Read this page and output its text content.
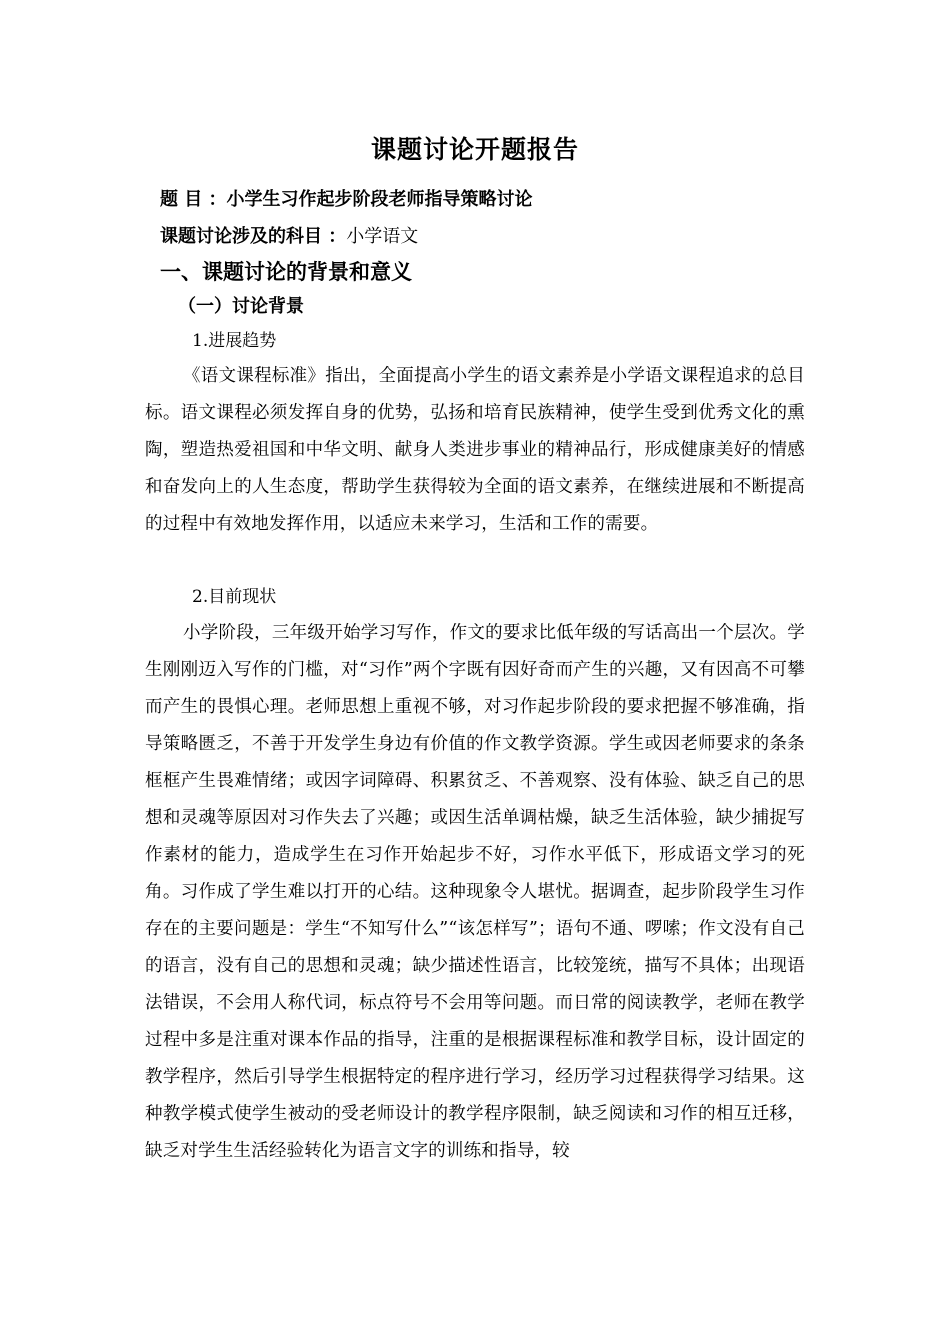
课题讨论开题报告
题 目 ：小学生习作起步阶段老师指导策略讨论
课题讨论涉及的科目 ：小学语文
一、课题讨论的背景和意义
（一）讨论背景
1.进展趋势
《语文课程标准》指出，全面提高小学生的语文素养是小学语文课程追求的总目标。语文课程必须发挥自身的优势，弘扬和培育民族精神，使学生受到优秀文化的熏陶，塑造热爱祖国和中华文明、献身人类进步事业的精神品行，形成健康美好的情感和奋发向上的人生态度，帮助学生获得较为全面的语文素养，在继续进展和不断提高的过程中有效地发挥作用，以适应未来学习，生活和工作的需要。
2.目前现状
小学阶段，三年级开始学习写作，作文的要求比低年级的写话高出一个层次。学生刚刚迈入写作的门槛，对“习作”两个字既有因好奇而产生的兴趣，又有因高不可攀而产生的畏惧心理。老师思想上重视不够，对习作起步阶段的要求把握不够准确，指导策略匮乏，不善于开发学生身边有价值的作文教学资源。学生或因老师要求的条条框框产生畏难情绪；或因字词障碍、积累贫乏、不善观察、没有体验、缺乏自己的思想和灵魂等原因对习作失去了兴趣；或因生活单调枯燥，缺乏生活体验，缺少捕捉写作素材的能力，造成学生在习作开始起步不好，习作水平低下，形成语文学习的死角。习作成了学生难以打开的心结。这种现象令人堪忧。据调查，起步阶段学生习作存在的主要问题是：学生“不知写什么”“该怎样写”；语句不通、啰嗦；作文没有自己的语言，没有自己的思想和灵魂；缺少描述性语言，比较笼统，描写不具体；出现语法错误，不会用人称代词，标点符号不会用等问题。而日常的阅读教学，老师在教学过程中多是注重对课本作品的指导，注重的是根据课程标准和教学目标，设计固定的教学程序，然后引导学生根据特定的程序进行学习，经历学习过程获得学习结果。这种教学模式使学生被动的受老师设计的教学程序限制，缺乏阅读和习作的相互迁移，缺乏对学生生活经验转化为语言文字的训练和指导，较
